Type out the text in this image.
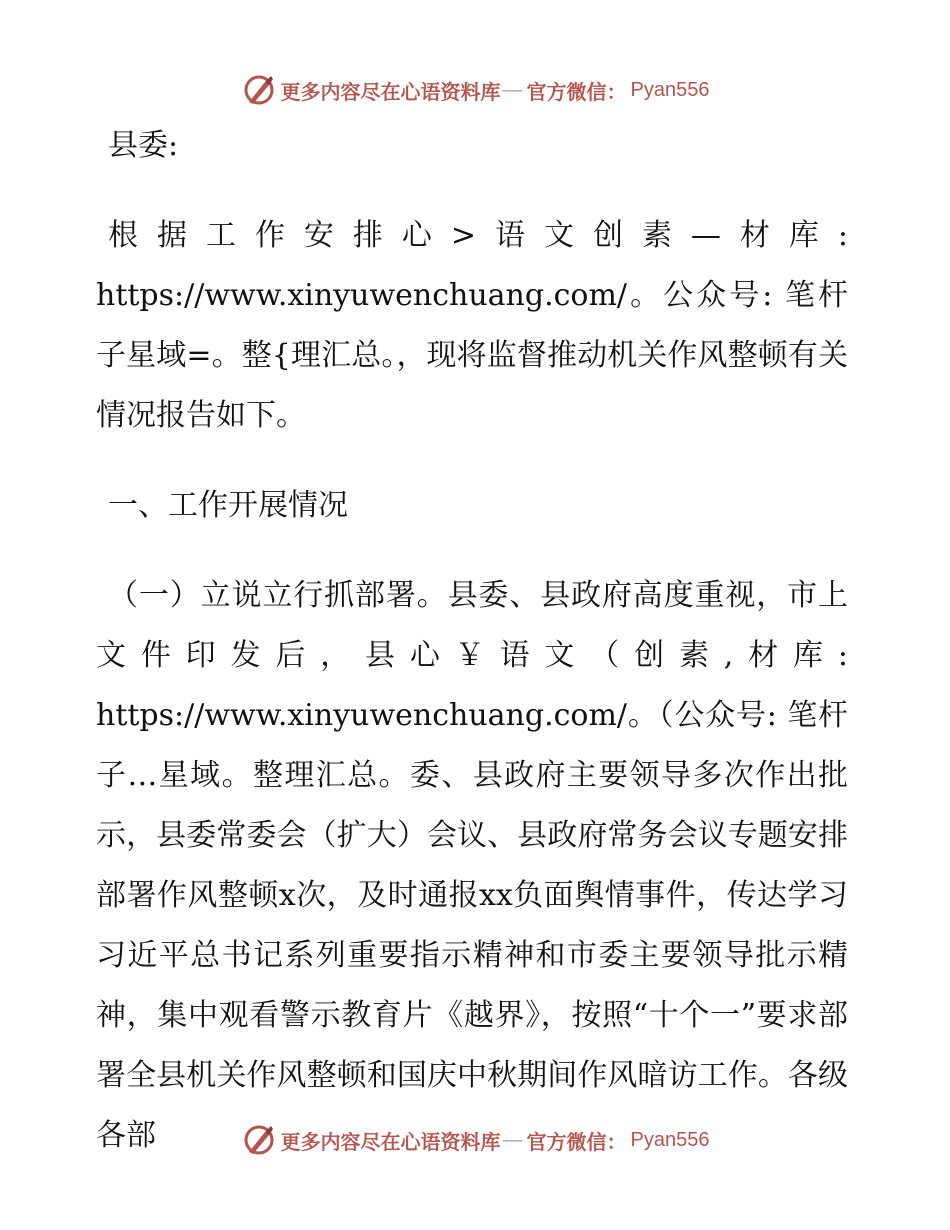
更多内容尽在心语资料库 — 官方微信： Pyan556

县委:

根据工作安排心>语文创素—材库: https://www.xinyuwenchuang.com/。公众号: 笔杆子星域=。整{理汇总。，现将监督推动机关作风整顿有关情况报告如下。

一、工作开展情况

（一）立说立行抓部署。县委、县政府高度重视，市上文件印发后，县心￥语文（创素,材库: https://www.xinyuwenchuang.com/。（公众号: 笔杆子…星域。整理汇总。委、县政府主要领导多次作出批示，县委常委会（扩大）会议、县政府常务会议专题安排部署作风整顿x次，及时通报xx负面舆情事件，传达学习习近平总书记系列重要指示精神和市委主要领导批示精神，集中观看警示教育片《越界》，按照“十个一”要求部署全县机关作风整顿和国庆中秋期间作风暗访工作。各级各部	更多内容尽在心语资料库 — 官方微信： Pyan556
